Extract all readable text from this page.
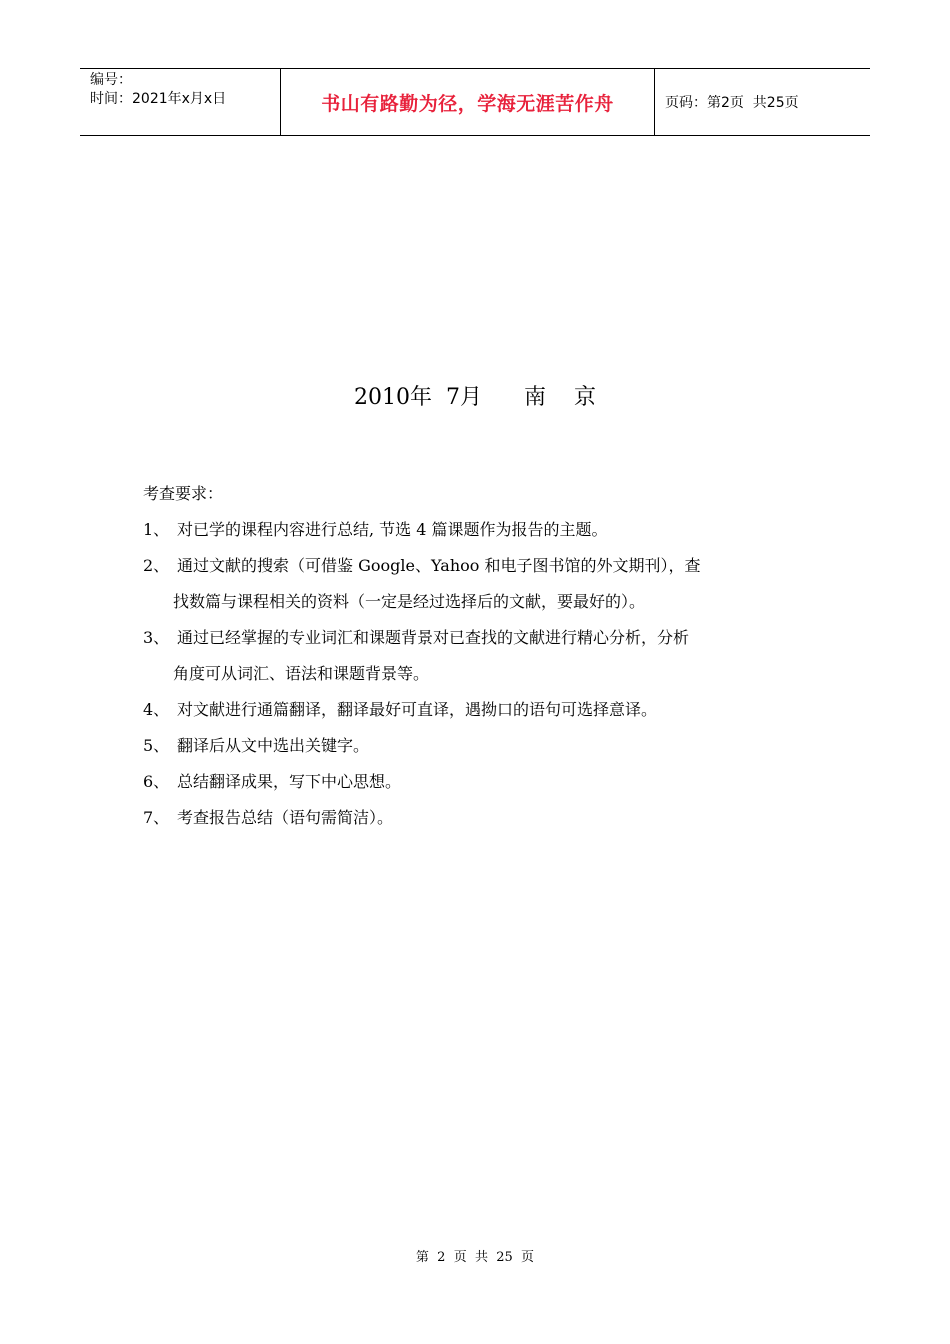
编号：
时间：2021年x月x日	书山有路勤为径，学海无涯苦作舟	页码：第2页  共25页
2010年  7月      南    京
考查要求：
1、 对已学的课程内容进行总结, 节选 4 篇课题作为报告的主题。
2、 通过文献的搜索（可借鉴 Google、Yahoo 和电子图书馆的外文期刊），查
找数篇与课程相关的资料（一定是经过选择后的文献，要最好的）。
3、 通过已经掌握的专业词汇和课题背景对已查找的文献进行精心分析，分析
角度可从词汇、语法和课题背景等。
4、 对文献进行通篇翻译，翻译最好可直译，遇拗口的语句可选择意译。
5、 翻译后从文中选出关键字。
6、 总结翻译成果，写下中心思想。
7、 考查报告总结（语句需简洁）。
第  2  页  共  25  页
